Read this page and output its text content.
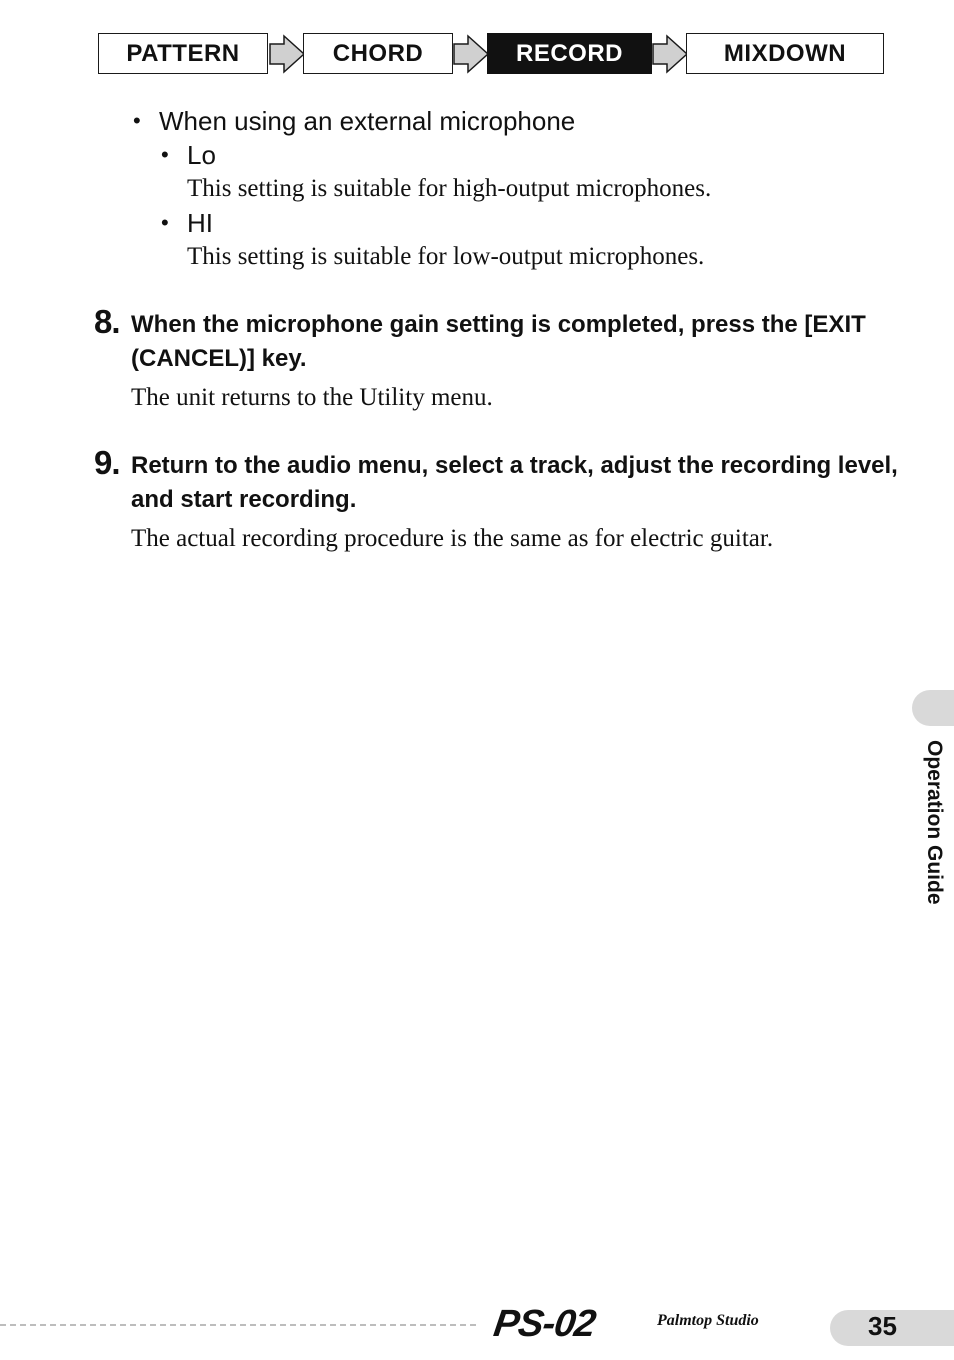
PATTERN	CHORD	RECORD	MIXDOWN
• When using an external microphone
• Lo
This setting is suitable for high-output microphones.
• HI
This setting is suitable for low-output microphones.
8. When the microphone gain setting is completed, press the [EXIT (CANCEL)] key.
The unit returns to the Utility menu.
9. Return to the audio menu, select a track, adjust the recording level, and start recording.
The actual recording procedure is the same as for electric guitar.
Operation Guide
PS-02	Palmtop Studio	35
